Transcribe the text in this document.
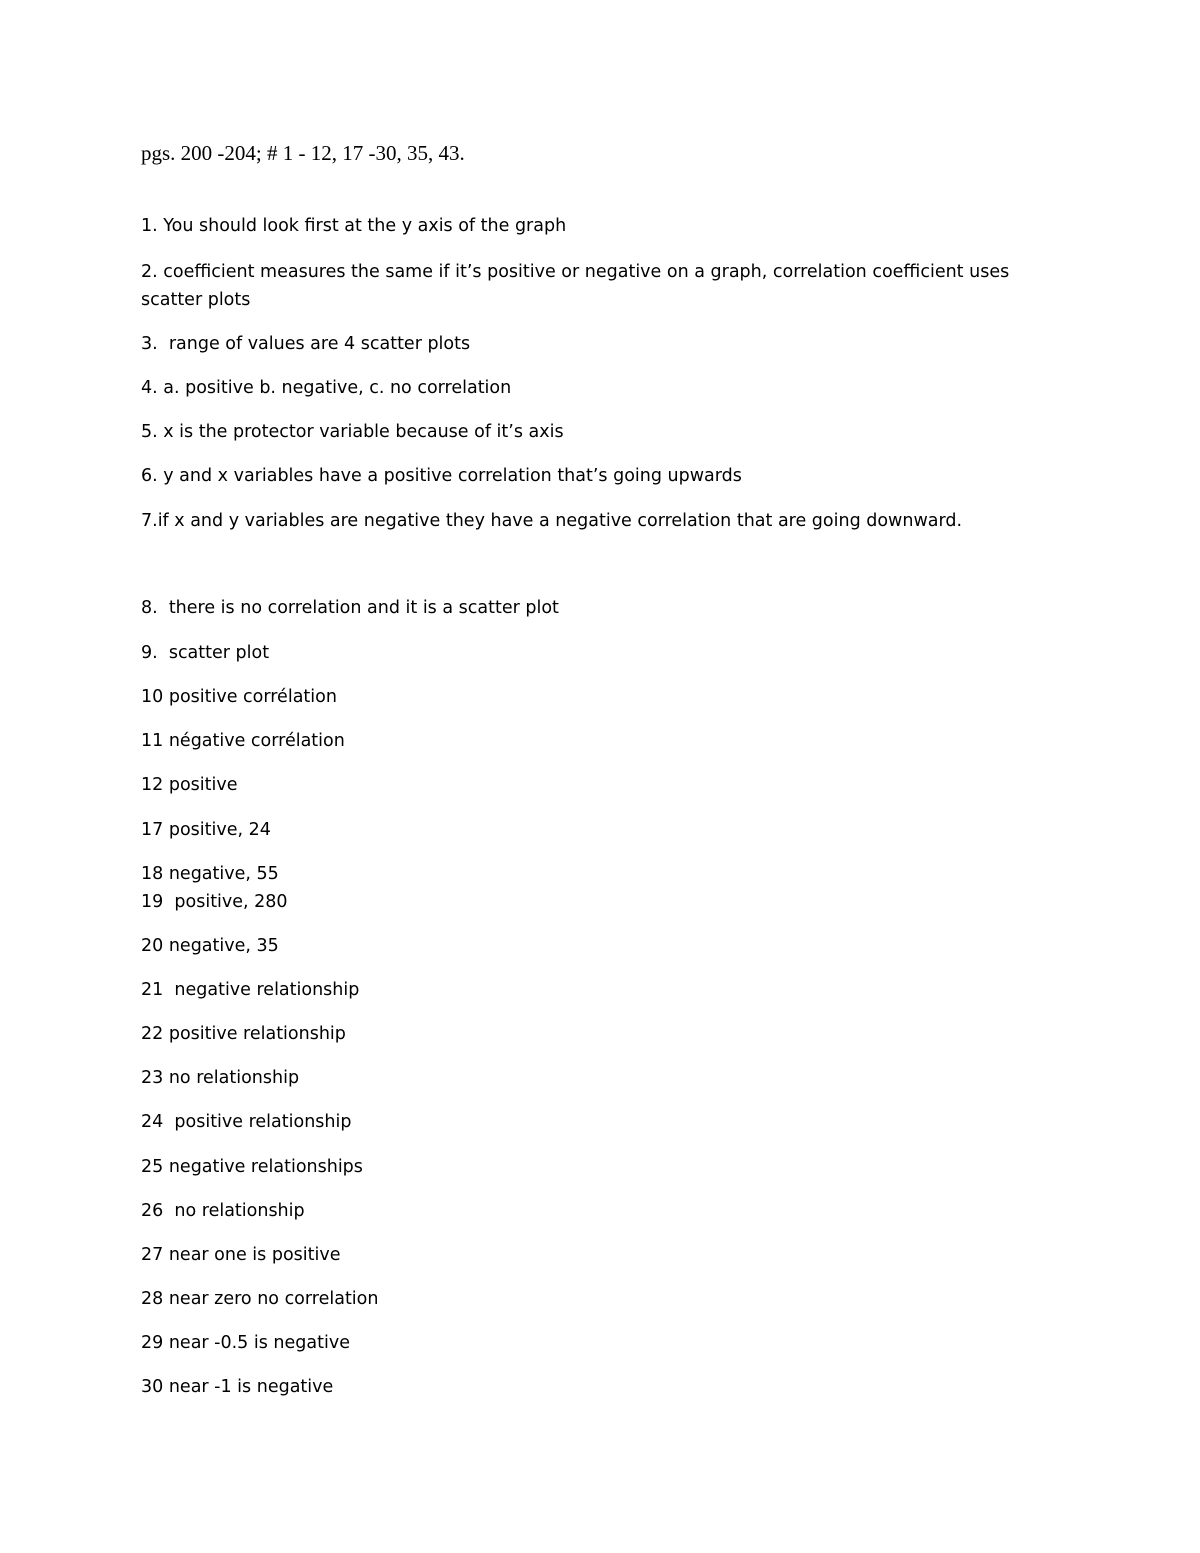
pgs. 200 -204; # 1 - 12, 17 -30, 35, 43.
1. You should look first at the y axis of the graph
2. coefficient measures the same if it’s positive or negative on a graph, correlation coefficient uses scatter plots
3.  range of values are 4 scatter plots
4. a. positive b. negative, c. no correlation
5. x is the protector variable because of it’s axis
6. y and x variables have a positive correlation that’s going upwards
7.if x and y variables are negative they have a negative correlation that are going downward.
8.  there is no correlation and it is a scatter plot
9.  scatter plot
10 positive corrélation
11 négative corrélation
12 positive
17 positive, 24
18 negative, 55
19  positive, 280
20 negative, 35
21  negative relationship
22 positive relationship
23 no relationship
24  positive relationship
25 negative relationships
26  no relationship
27 near one is positive
28 near zero no correlation
29 near -0.5 is negative
30 near -1 is negative
